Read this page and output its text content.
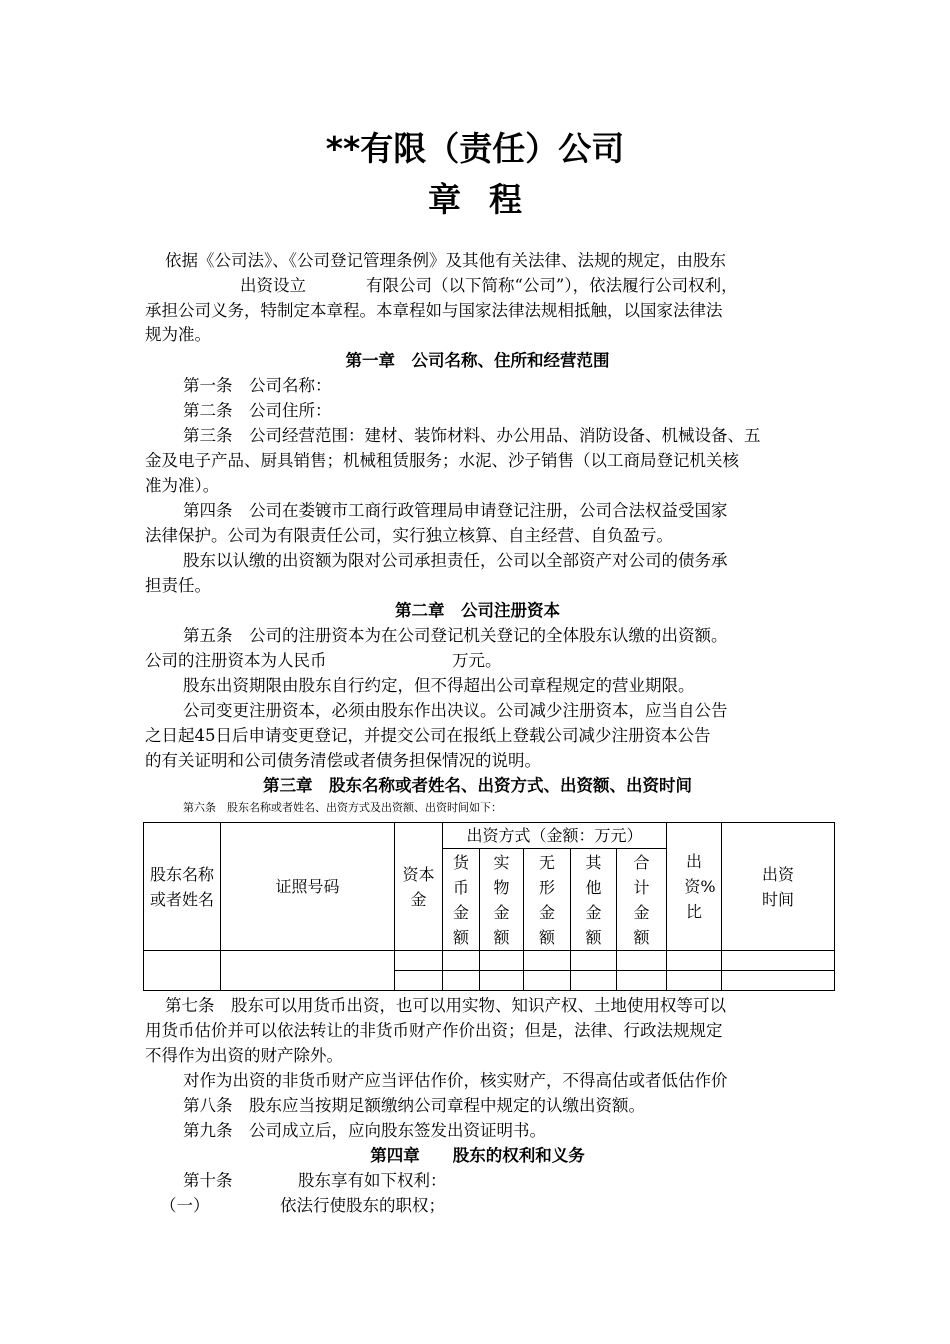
**有限（责任）公司
章程
依据《公司法》、《公司登记管理条例》及其他有关法律、法规的规定，由股东
出资设立	有限公司（以下简称“公司”），依法履行公司权利，
承担公司义务，特制定本章程。本章程如与国家法律法规相抵触，以国家法律法
规为准。
第一章　公司名称、住所和经营范围
第一条　公司名称：
第二条　公司住所：
第三条　公司经营范围：建材、装饰材料、办公用品、消防设备、机械设备、五
金及电子产品、厨具销售；机械租赁服务；水泥、沙子销售（以工商局登记机关核
准为准）。
第四条　公司在娄镀市工商行政管理局申请登记注册，公司合法权益受国家
法律保护。公司为有限责任公司，实行独立核算、自主经营、自负盈亏。
股东以认缴的出资额为限对公司承担责任，公司以全部资产对公司的债务承
担责任。
第二章　公司注册资本
第五条　公司的注册资本为在公司登记机关登记的全体股东认缴的出资额。
公司的注册资本为人民币	万元。
股东出资期限由股东自行约定，但不得超出公司章程规定的营业期限。
公司变更注册资本，必须由股东作出决议。公司减少注册资本，应当自公告
之日起45日后申请变更登记，并提交公司在报纸上登载公司减少注册资本公告
的有关证明和公司债务清偿或者债务担保情况的说明。
第三章　股东名称或者姓名、出资方式、出资额、出资时间
第六条　股东名称或者姓名、出资方式及出资额、出资时间如下：
股东名称或者姓名	证照号码	资本金	出资方式（金额：万元）					出资%比	出资时间

			货币金额	实物金额	无形金额	其他金额	合计金额		

第七条　股东可以用货币出资，也可以用实物、知识产权、土地使用权等可以
用货币估价并可以依法转让的非货币财产作价出资；但是，法律、行政法规规定
不得作为出资的财产除外。
对作为出资的非货币财产应当评估作价，核实财产，不得高估或者低估作价
第八条　股东应当按期足额缴纳公司章程中规定的认缴出资额。
第九条　公司成立后，应向股东签发出资证明书。
第四章　　股东的权利和义务
第十条	股东享有如下权利：
（一）	依法行使股东的职权；
